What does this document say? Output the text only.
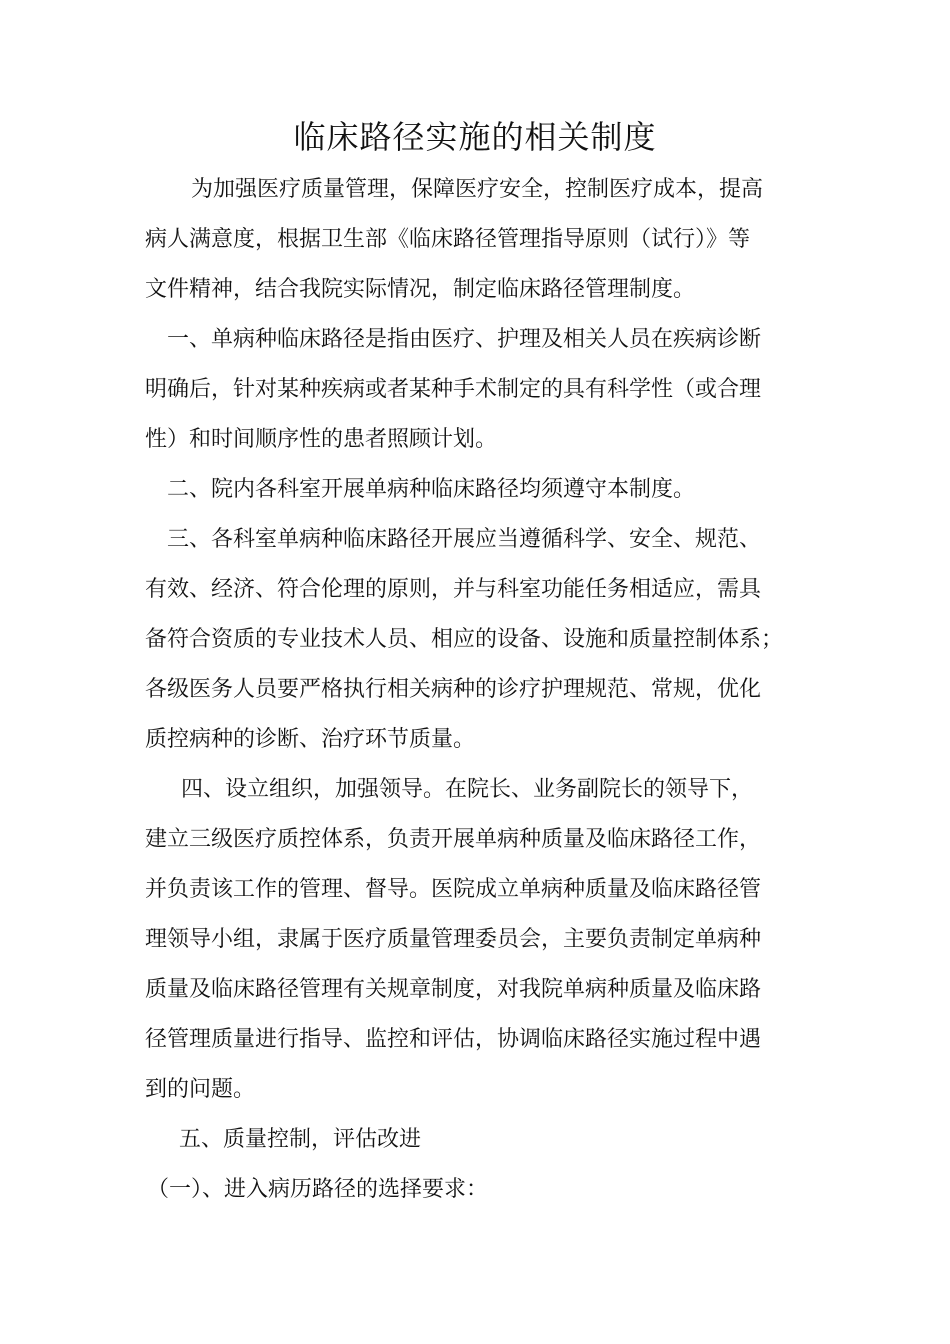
临床路径实施的相关制度
为加强医疗质量管理，保障医疗安全，控制医疗成本，提高
病人满意度，根据卫生部《临床路径管理指导原则（试行）》等
文件精神，结合我院实际情况，制定临床路径管理制度。
一、单病种临床路径是指由医疗、护理及相关人员在疾病诊断
明确后，针对某种疾病或者某种手术制定的具有科学性（或合理
性）和时间顺序性的患者照顾计划。
二、院内各科室开展单病种临床路径均须遵守本制度。
三、各科室单病种临床路径开展应当遵循科学、安全、规范、
有效、经济、符合伦理的原则，并与科室功能任务相适应，需具
备符合资质的专业技术人员、相应的设备、设施和质量控制体系；
各级医务人员要严格执行相关病种的诊疗护理规范、常规，优化
质控病种的诊断、治疗环节质量。
四、设立组织，加强领导。在院长、业务副院长的领导下，
建立三级医疗质控体系，负责开展单病种质量及临床路径工作，
并负责该工作的管理、督导。医院成立单病种质量及临床路径管
理领导小组，隶属于医疗质量管理委员会，主要负责制定单病种
质量及临床路径管理有关规章制度，对我院单病种质量及临床路
径管理质量进行指导、监控和评估，协调临床路径实施过程中遇
到的问题。
五、质量控制，评估改进
（一）、进入病历路径的选择要求：
